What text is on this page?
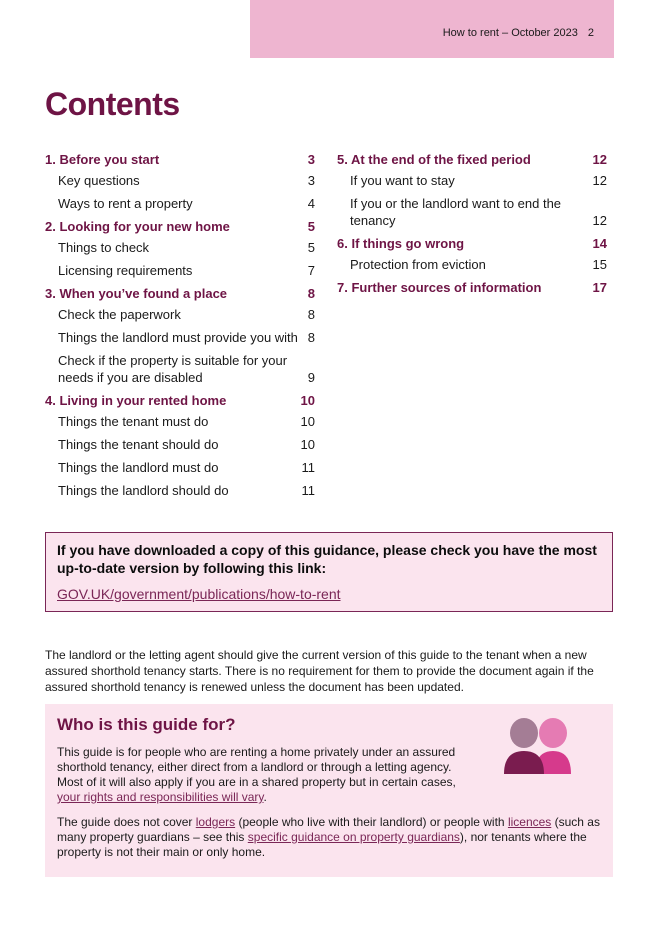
How to rent – October 2023 2
Contents
1. Before you start	3
Key questions	3
Ways to rent a property	4
2. Looking for your new home	5
Things to check	5
Licensing requirements	7
3. When you’ve found a place	8
Check the paperwork	8
Things the landlord must provide you with 8
Check if the property is suitable for your needs if you are disabled	9
4. Living in your rented home	10
Things the tenant must do	10
Things the tenant should do	10
Things the landlord must do	11
Things the landlord should do	11
5. At the end of the fixed period	12
If you want to stay	12
If you or the landlord want to end the tenancy	12
6. If things go wrong	14
Protection from eviction	15
7. Further sources of information	17
If you have downloaded a copy of this guidance, please check you have the most up-to-date version by following this link:
GOV.UK/government/publications/how-to-rent

The landlord or the letting agent should give the current version of this guide to the tenant when a new assured shorthold tenancy starts. There is no requirement for them to provide the document again if the assured shorthold tenancy is renewed unless the document has been updated.

Who is this guide for?

This guide is for people who are renting a home privately under an assured shorthold tenancy, either direct from a landlord or through a letting agency. Most of it will also apply if you are in a shared property but in certain cases, your rights and responsibilities will vary.

The guide does not cover lodgers (people who live with their landlord) or people with licences (such as many property guardians – see this specific guidance on property guardians), nor tenants where the property is not their main or only home.
